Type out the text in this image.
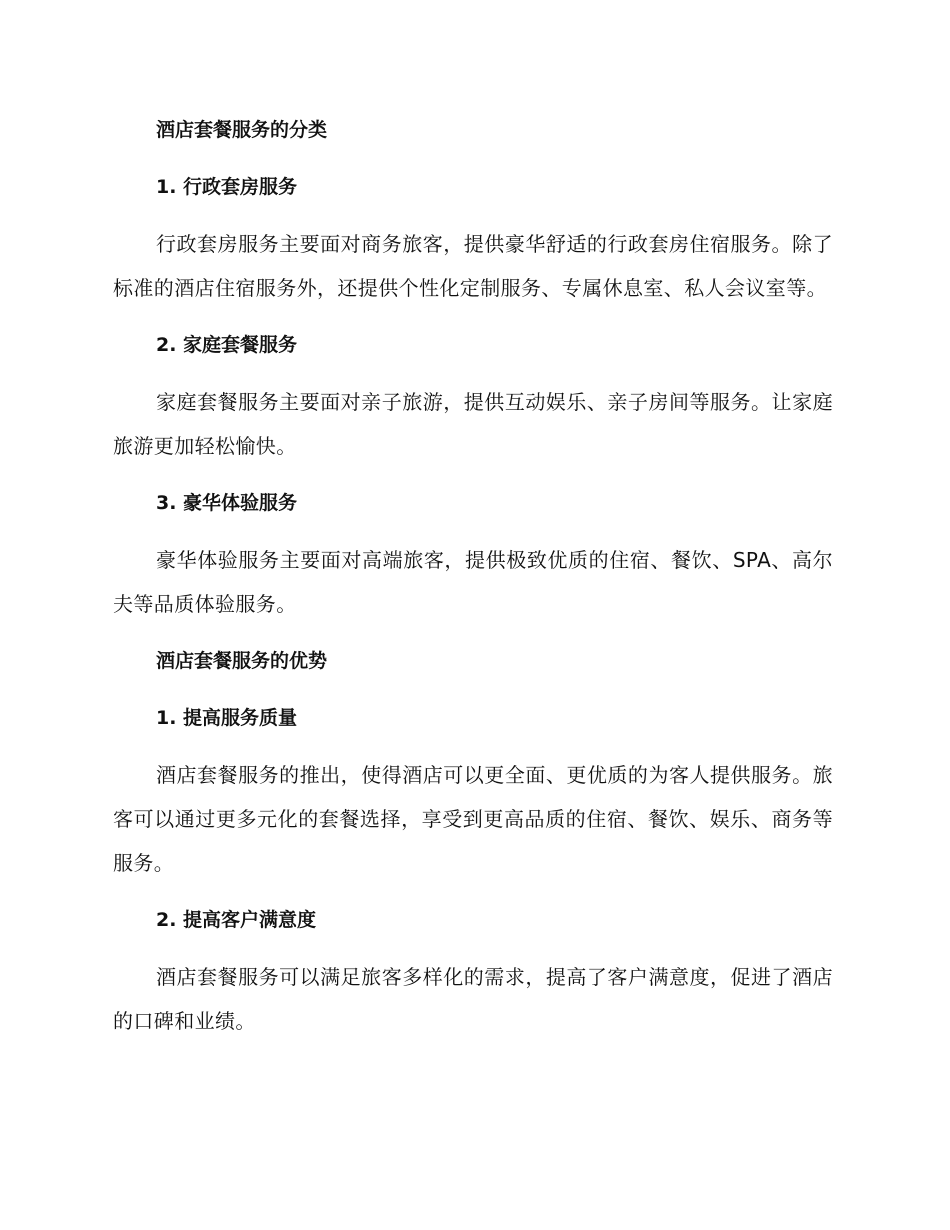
酒店套餐服务的分类
1. 行政套房服务

行政套房服务主要面对商务旅客，提供豪华舒适的行政套房住宿服务。除了标准的酒店住宿服务外，还提供个性化定制服务、专属休息室、私人会议室等。

2. 家庭套餐服务

家庭套餐服务主要面对亲子旅游，提供互动娱乐、亲子房间等服务。让家庭旅游更加轻松愉快。

3. 豪华体验服务

豪华体验服务主要面对高端旅客，提供极致优质的住宿、餐饮、SPA、高尔夫等品质体验服务。

酒店套餐服务的优势
1. 提高服务质量

酒店套餐服务的推出，使得酒店可以更全面、更优质的为客人提供服务。旅客可以通过更多元化的套餐选择，享受到更高品质的住宿、餐饮、娱乐、商务等服务。

2. 提高客户满意度

酒店套餐服务可以满足旅客多样化的需求，提高了客户满意度，促进了酒店的口碑和业绩。
